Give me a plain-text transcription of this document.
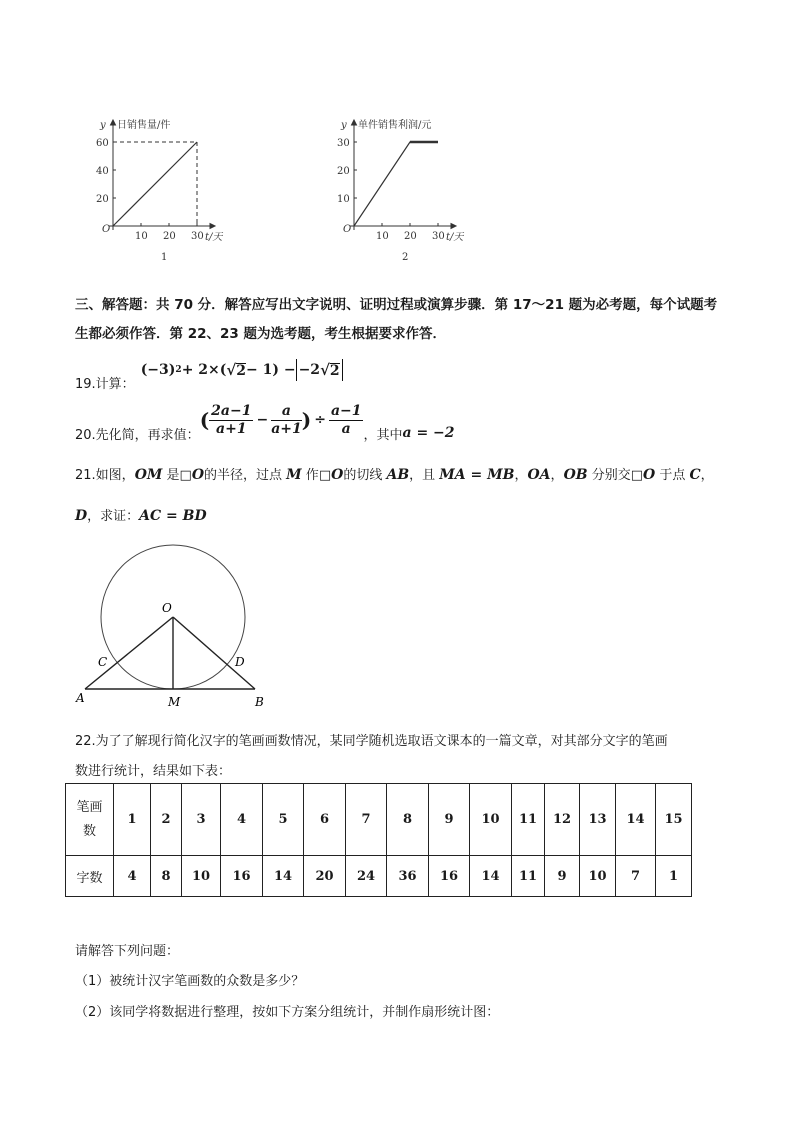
y 日销售量/件
t/天
O
10 20 30
20
40
60
1
y 单件销售利润/元
t/天
O
10 20 30
10
20
30
2
三、解答题：共 70 分．解答应写出文字说明、证明过程或演算步骤．第 17～21 题为必考题，每个试题考
生都必须作答．第 22、23 题为选考题，考生根据要求作答．
19.计算：
(−3) 2 + 2×( √ 2 − 1) − −2 √ 2
20.先化简，再求值：
( $\frac{2a-1}{a+1} - \frac{a}{a+1}$ ) ÷ $\frac{a-1}{a}$ ，其中 a = −2
21.如图，OM 是□O的半径，过点 M 作□O的切线 AB，且 MA = MB，OA，OB 分别交□O 于点 C，
D，求证：AC = BD
O
C	D
A	M	B
22.为了了解现行简化汉字的笔画画数情况，某同学随机选取语文课本的一篇文章，对其部分文字的笔画
数进行统计，结果如下表：
笔画
数	1	2	3	4	5	6	7	8	9	10	11	12	13	14	15
字数	4	8	10	16	14	20	24	36	16	14	11	9	10	7	1
请解答下列问题：
（1）被统计汉字笔画数的众数是多少？
（2）该同学将数据进行整理，按如下方案分组统计，并制作扇形统计图：
